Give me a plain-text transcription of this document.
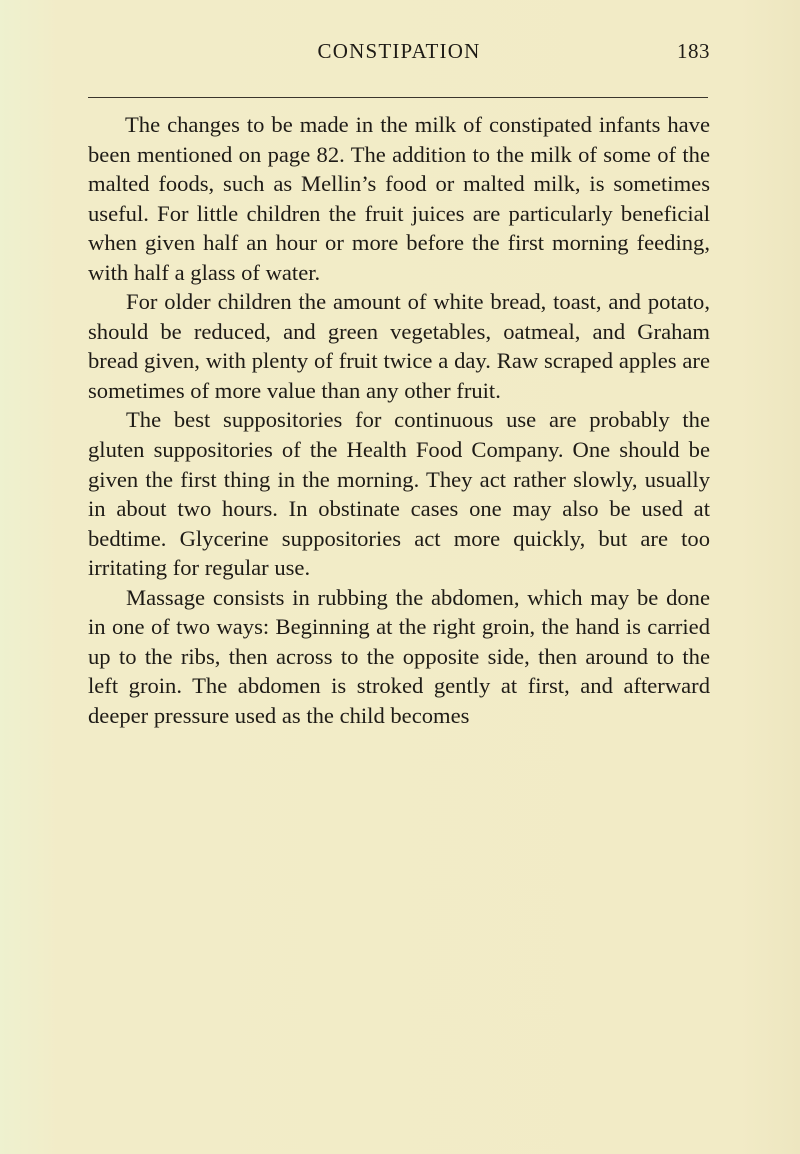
CONSTIPATION	183

The changes to be made in the milk of constipated infants have been mentioned on page 82. The addition to the milk of some of the malted foods, such as Mellin’s food or malted milk, is sometimes useful. For little children the fruit juices are particularly beneficial when given half an hour or more before the first morning feeding, with half a glass of water.

For older children the amount of white bread, toast, and potato, should be reduced, and green vegetables, oatmeal, and Graham bread given, with plenty of fruit twice a day. Raw scraped apples are sometimes of more value than any other fruit.

The best suppositories for continuous use are probably the gluten suppositories of the Health Food Company. One should be given the first thing in the morning. They act rather slowly, usually in about two hours. In obstinate cases one may also be used at bedtime. Glycerine suppositories act more quickly, but are too irritating for regular use.

Massage consists in rubbing the abdomen, which may be done in one of two ways: Beginning at the right groin, the hand is carried up to the ribs, then across to the opposite side, then around to the left groin. The abdomen is stroked gently at first, and afterward deeper pressure used as the child becomes
